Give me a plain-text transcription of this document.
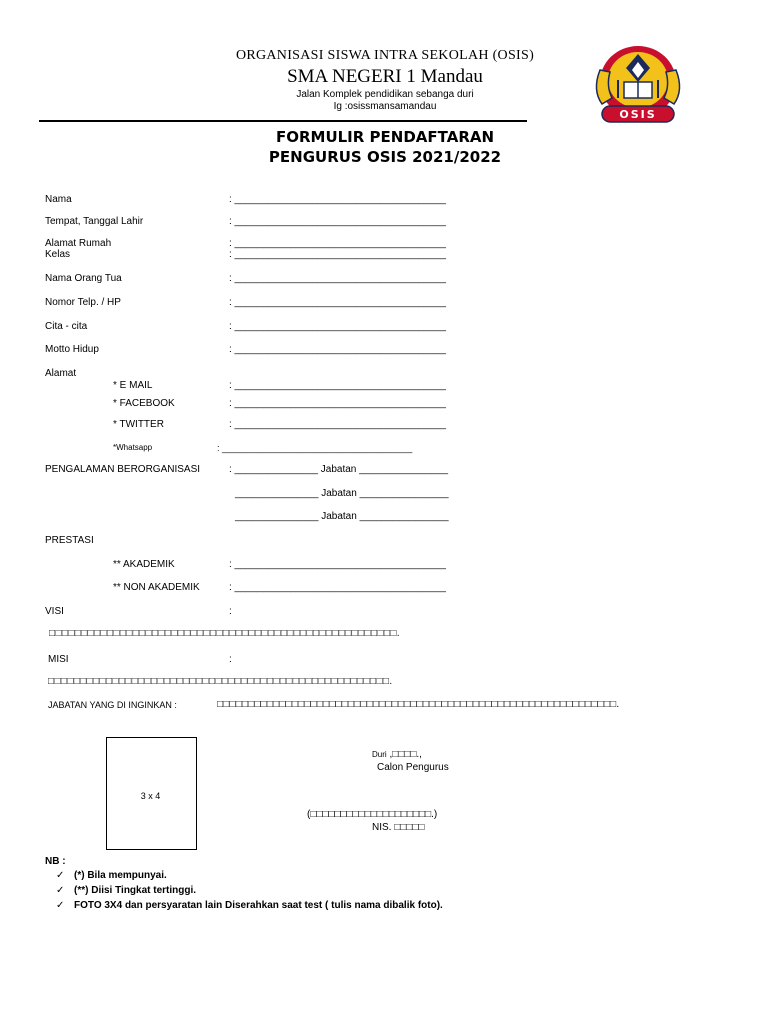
ORGANISASI SISWA INTRA SEKOLAH (OSIS)
SMA NEGERI 1 Mandau
Jalan Komplek pendidikan sebanga duri
Ig :osissmansamandau
OSIS
FORMULIR PENDAFTARAN
PENGURUS OSIS 2021/2022
Nama	: ______________________________________
Tempat, Tanggal Lahir	: ______________________________________
Alamat Rumah	: ______________________________________
Kelas	: ______________________________________
Nama Orang Tua	: ______________________________________
Nomor Telp. / HP	: ______________________________________
Cita - cita	: ______________________________________
Motto Hidup	: ______________________________________
Alamat
* E MAIL	: ______________________________________
* FACEBOOK	: ______________________________________
* TWITTER	: ______________________________________
*Whatsapp	: ______________________________________
PENGALAMAN BERORGANISASI	: _______________ Jabatan ________________
_______________ Jabatan ________________
_______________ Jabatan ________________
PRESTASI
** AKADEMIK	: ______________________________________
** NON AKADEMIK	: ______________________________________
VISI	:
□□□□□□□□□□□□□□□□□□□□□□□□□□□□□□□□□□□□□□□□□□□□□□□□□□□□□□.
MISI	:
□□□□□□□□□□□□□□□□□□□□□□□□□□□□□□□□□□□□□□□□□□□□□□□□□□□□□.
JABATAN YANG DI INGINKAN :	□□□□□□□□□□□□□□□□□□□□□□□□□□□□□□□□□□□□□□□□□□□□□□□□□□□□□□□□□□□□□□□□.
3 x 4
Duri ,□□□□.,
Calon Pengurus
(□□□□□□□□□□□□□□□□□□□□.)
NIS. □□□□□
NB :
✓ (*) Bila mempunyai.
✓ (**) Diisi Tingkat tertinggi.
✓ FOTO 3X4 dan persyaratan lain Diserahkan saat test ( tulis nama dibalik foto).
